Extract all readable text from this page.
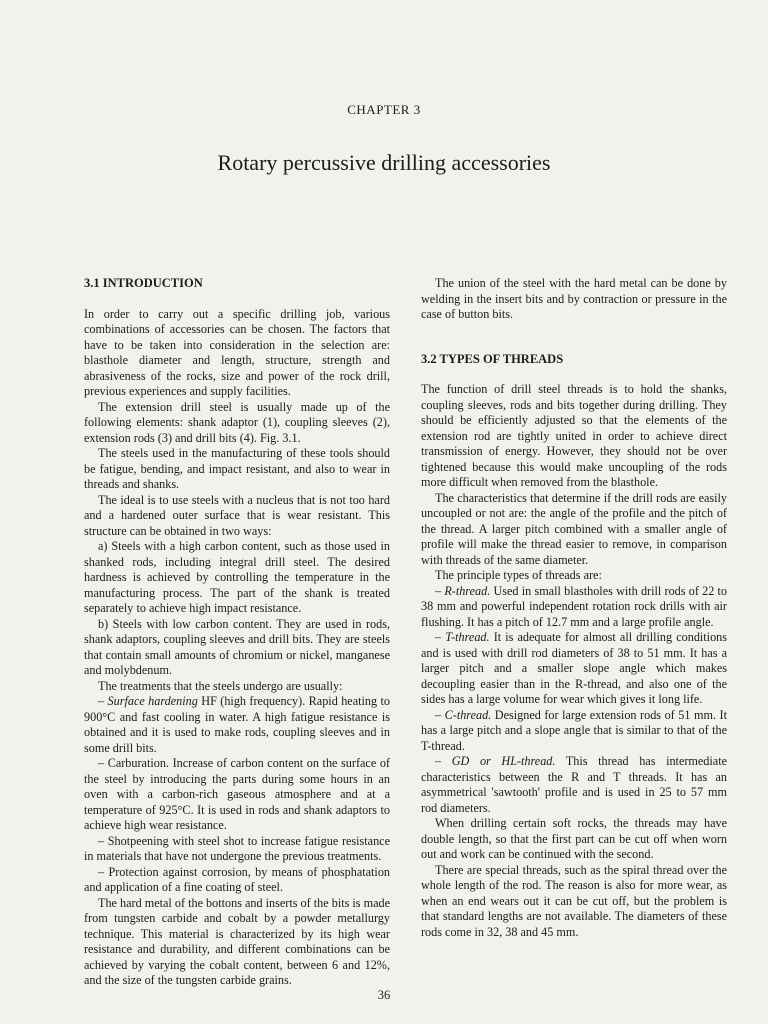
CHAPTER 3
Rotary percussive drilling accessories
3.1 INTRODUCTION

In order to carry out a specific drilling job, various combinations of accessories can be chosen. The factors that have to be taken into consideration in the selection are: blasthole diameter and length, structure, strength and abrasiveness of the rocks, size and power of the rock drill, previous experiences and supply facilities.

The extension drill steel is usually made up of the following elements: shank adaptor (1), coupling sleeves (2), extension rods (3) and drill bits (4). Fig. 3.1.

The steels used in the manufacturing of these tools should be fatigue, bending, and impact resistant, and also to wear in threads and shanks.

The ideal is to use steels with a nucleus that is not too hard and a hardened outer surface that is wear resistant. This structure can be obtained in two ways:

a) Steels with a high carbon content, such as those used in shanked rods, including integral drill steel. The desired hardness is achieved by controlling the temperature in the manufacturing process. The part of the shank is treated separately to achieve high impact resistance.

b) Steels with low carbon content. They are used in rods, shank adaptors, coupling sleeves and drill bits. They are steels that contain small amounts of chromium or nickel, manganese and molybdenum.

The treatments that the steels undergo are usually:

– Surface hardening HF (high frequency). Rapid heating to 900°C and fast cooling in water. A high fatigue resistance is obtained and it is used to make rods, coupling sleeves and in some drill bits.

– Carburation. Increase of carbon content on the surface of the steel by introducing the parts during some hours in an oven with a carbon-rich gaseous atmosphere and at a temperature of 925°C. It is used in rods and shank adaptors to achieve high wear resistance.

– Shotpeening with steel shot to increase fatigue resistance in materials that have not undergone the previous treatments.

– Protection against corrosion, by means of phosphatation and application of a fine coating of steel.

The hard metal of the bottons and inserts of the bits is made from tungsten carbide and cobalt by a powder metallurgy technique. This material is characterized by its high wear resistance and durability, and different combinations can be achieved by varying the cobalt content, between 6 and 12%, and the size of the tungsten carbide grains.

The union of the steel with the hard metal can be done by welding in the insert bits and by contraction or pressure in the case of button bits.

3.2 TYPES OF THREADS

The function of drill steel threads is to hold the shanks, coupling sleeves, rods and bits together during drilling. They should be efficiently adjusted so that the elements of the extension rod are tightly united in order to achieve direct transmission of energy. However, they should not be over tightened because this would make uncoupling of the rods more difficult when removed from the blasthole.

The characteristics that determine if the drill rods are easily uncoupled or not are: the angle of the profile and the pitch of the thread. A larger pitch combined with a smaller angle of profile will make the thread easier to remove, in comparison with threads of the same diameter.

The principle types of threads are:

– R-thread. Used in small blastholes with drill rods of 22 to 38 mm and powerful independent rotation rock drills with air flushing. It has a pitch of 12.7 mm and a large profile angle.

– T-thread. It is adequate for almost all drilling conditions and is used with drill rod diameters of 38 to 51 mm. It has a larger pitch and a smaller slope angle which makes decoupling easier than in the R-thread, and also one of the sides has a large volume for wear which gives it long life.

– C-thread. Designed for large extension rods of 51 mm. It has a large pitch and a slope angle that is similar to that of the T-thread.

– GD or HL-thread. This thread has intermediate characteristics between the R and T threads. It has an asymmetrical 'sawtooth' profile and is used in 25 to 57 mm rod diameters.

When drilling certain soft rocks, the threads may have double length, so that the first part can be cut off when worn out and work can be continued with the second.

There are special threads, such as the spiral thread over the whole length of the rod. The reason is also for more wear, as when an end wears out it can be cut off, but the problem is that standard lengths are not available. The diameters of these rods come in 32, 38 and 45 mm.

36
